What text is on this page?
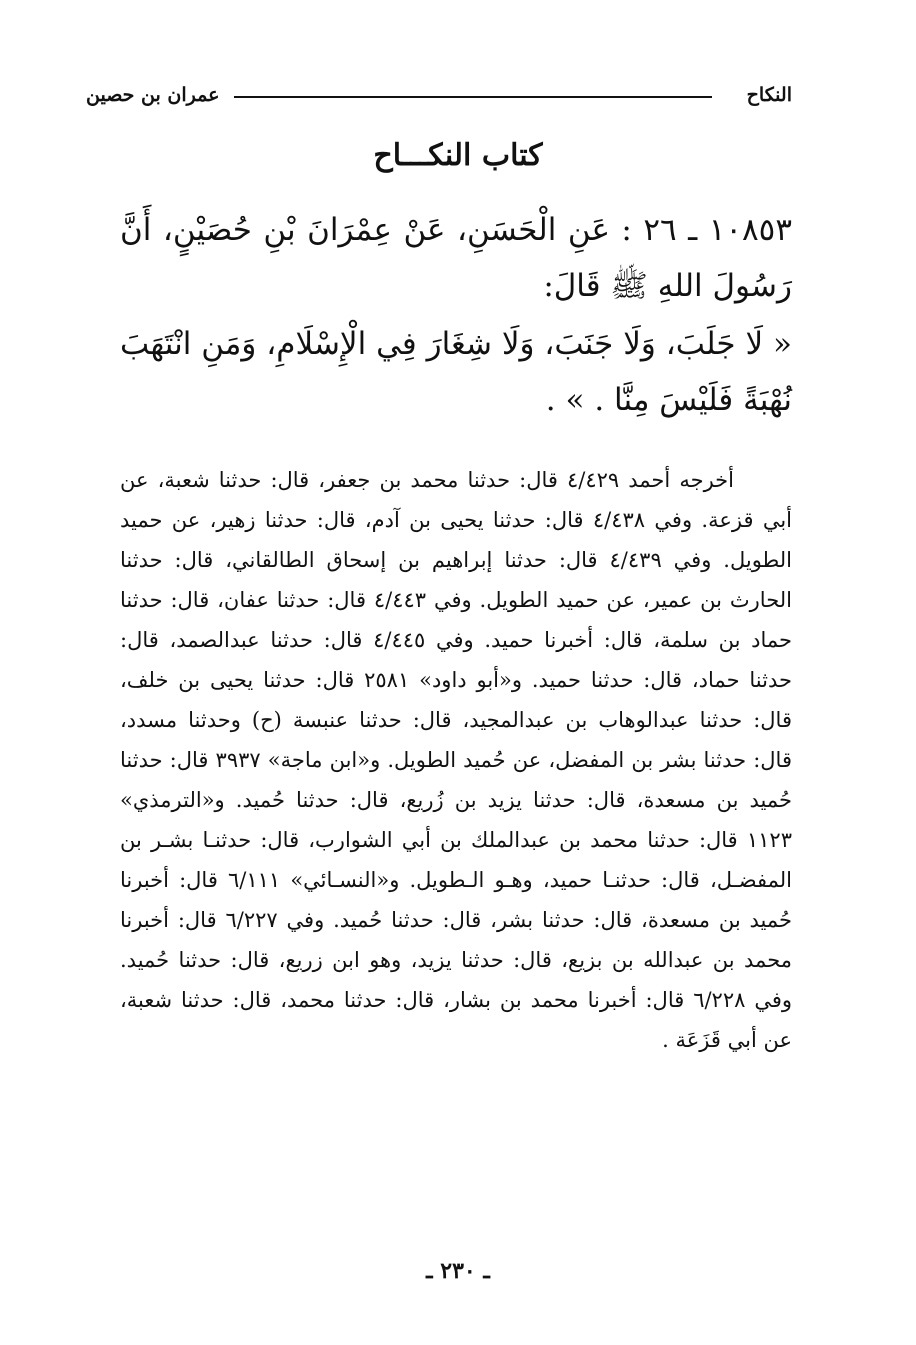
النكاح
عمران بن حصين
كتاب النكـــاح

١٠٨٥٣ ـ ٢٦ : عَنِ الْحَسَنِ، عَنْ عِمْرَانَ بْنِ حُصَيْنٍ، أَنَّ رَسُولَ اللهِ ﷺ قَالَ:

« لَا جَلَبَ، وَلَا جَنَبَ، وَلَا شِغَارَ فِي الْإِسْلَامِ، وَمَنِ انْتَهَبَ نُهْبَةً فَلَيْسَ مِنَّا . » .

أخرجه أحمد ٤/٤٢٩ قال: حدثنا محمد بن جعفر، قال: حدثنا شعبة، عن أبي قزعة. وفي ٤/٤٣٨ قال: حدثنا يحيى بن آدم، قال: حدثنا زهير، عن حميد الطويل. وفي ٤/٤٣٩ قال: حدثنا إبراهيم بن إسحاق الطالقاني، قال: حدثنا الحارث بن عمير، عن حميد الطويل. وفي ٤/٤٤٣ قال: حدثنا عفان، قال: حدثنا حماد بن سلمة، قال: أخبرنا حميد. وفي ٤/٤٤٥ قال: حدثنا عبدالصمد، قال: حدثنا حماد، قال: حدثنا حميد. و«أبو داود» ٢٥٨١ قال: حدثنا يحيى بن خلف، قال: حدثنا عبدالوهاب بن عبدالمجيد، قال: حدثنا عنبسة (ح) وحدثنا مسدد، قال: حدثنا بشر بن المفضل، عن حُميد الطويل. و«ابن ماجة» ٣٩٣٧ قال: حدثنا حُميد بن مسعدة، قال: حدثنا يزيد بن زُريع، قال: حدثنا حُميد. و«الترمذي» ١١٢٣ قال: حدثنا محمد بن عبدالملك بن أبي الشوارب، قال: حدثنـا بشـر بن المفضـل، قال: حدثنـا حميد، وهـو الـطويل. و«النسـائي» ٦/١١١ قال: أخبرنا حُميد بن مسعدة، قال: حدثنا بشر، قال: حدثنا حُميد. وفي ٦/٢٢٧ قال: أخبرنا محمد بن عبدالله بن بزيع، قال: حدثنا يزيد، وهو ابن زريع، قال: حدثنا حُميد. وفي ٦/٢٢٨ قال: أخبرنا محمد بن بشار، قال: حدثنا محمد، قال: حدثنا شعبة، عن أبي قَزَعَة .

ـ ٢٣٠ ـ
